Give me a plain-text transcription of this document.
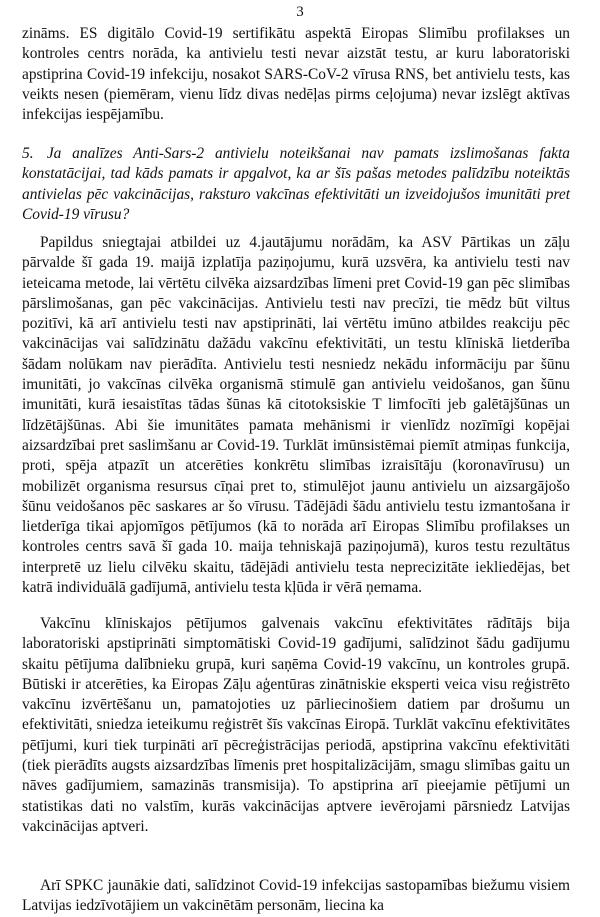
3

zināms. ES digitālo Covid-19 sertifikātu aspektā Eiropas Slimību profilakses un kontroles centrs norāda, ka antivielu testi nevar aizstāt testu, ar kuru laboratoriski apstiprina Covid-19 infekciju, nosakot SARS-CoV-2 vīrusa RNS, bet antivielu tests, kas veikts nesen (piemēram, vienu līdz divas nedēļas pirms ceļojuma) nevar izslēgt aktīvas infekcijas iespējamību.

5. Ja analīzes Anti-Sars-2 antivielu noteikšanai nav pamats izslimošanas fakta konstatācijai, tad kāds pamats ir apgalvot, ka ar šīs pašas metodes palīdzību noteiktās antivielas pēc vakcinācijas, raksturo vakcīnas efektivitāti un izveidojušos imunitāti pret Covid-19 vīrusu?

Papildus sniegtajai atbildei uz 4.jautājumu norādām, ka ASV Pārtikas un zāļu pārvalde šī gada 19. maijā izplatīja paziņojumu, kurā uzsvēra, ka antivielu testi nav ieteicama metode, lai vērtētu cilvēka aizsardzības līmeni pret Covid-19 gan pēc slimības pārslimošanas, gan pēc vakcinācijas. Antivielu testi nav precīzi, tie mēdz būt viltus pozitīvi, kā arī antivielu testi nav apstiprināti, lai vērtētu imūno atbildes reakciju pēc vakcinācijas vai salīdzinātu dažādu vakcīnu efektivitāti, un testu klīniskā lietderība šādam nolūkam nav pierādīta. Antivielu testi nesniedz nekādu informāciju par šūnu imunitāti, jo vakcīnas cilvēka organismā stimulē gan antivielu veidošanos, gan šūnu imunitāti, kurā iesaistītas tādas šūnas kā citotoksiskie T limfocīti jeb galētājšūnas un līdzētājšūnas. Abi šie imunitātes pamata mehānismi ir vienlīdz nozīmīgi kopējai aizsardzībai pret saslimšanu ar Covid-19. Turklāt imūnsistēmai piemīt atmiņas funkcija, proti, spēja atpazīt un atcerēties konkrētu slimības izraisītāju (koronavīrusu) un mobilizēt organisma resursus cīņai pret to, stimulējot jaunu antivielu un aizsargājošo šūnu veidošanos pēc saskares ar šo vīrusu. Tādējādi šādu antivielu testu izmantošana ir lietderīga tikai apjomīgos pētījumos (kā to norāda arī Eiropas Slimību profilakses un kontroles centrs savā šī gada 10. maija tehniskajā paziņojumā), kuros testu rezultātus interpretē uz lielu cilvēku skaitu, tādējādi antivielu testa neprecizitāte iekliedējas, bet katrā individuālā gadījumā, antivielu testa kļūda ir vērā ņemama.

Vakcīnu klīniskajos pētījumos galvenais vakcīnu efektivitātes rādītājs bija laboratoriski apstiprināti simptomātiski Covid-19 gadījumi, salīdzinot šādu gadījumu skaitu pētījuma dalībnieku grupā, kuri saņēma Covid-19 vakcīnu, un kontroles grupā. Būtiski ir atcerēties, ka Eiropas Zāļu aģentūras zinātniskie eksperti veica visu reģistrēto vakcīnu izvērtēšanu un, pamatojoties uz pārliecinošiem datiem par drošumu un efektivitāti, sniedza ieteikumu reģistrēt šīs vakcīnas Eiropā. Turklāt vakcīnu efektivitātes pētījumi, kuri tiek turpināti arī pēcreģistrācijas periodā, apstiprina vakcīnu efektivitāti (tiek pierādīts augsts aizsardzības līmenis pret hospitalizācijām, smagu slimības gaitu un nāves gadījumiem, samazinās transmisija). To apstiprina arī pieejamie pētījumi un statistikas dati no valstīm, kurās vakcinācijas aptvere ievērojami pārsniedz Latvijas vakcinācijas aptveri.

Arī SPKC jaunākie dati, salīdzinot Covid-19 infekcijas sastopamības biežumu visiem Latvijas iedzīvotājiem un vakcinētām personām, liecina ka
